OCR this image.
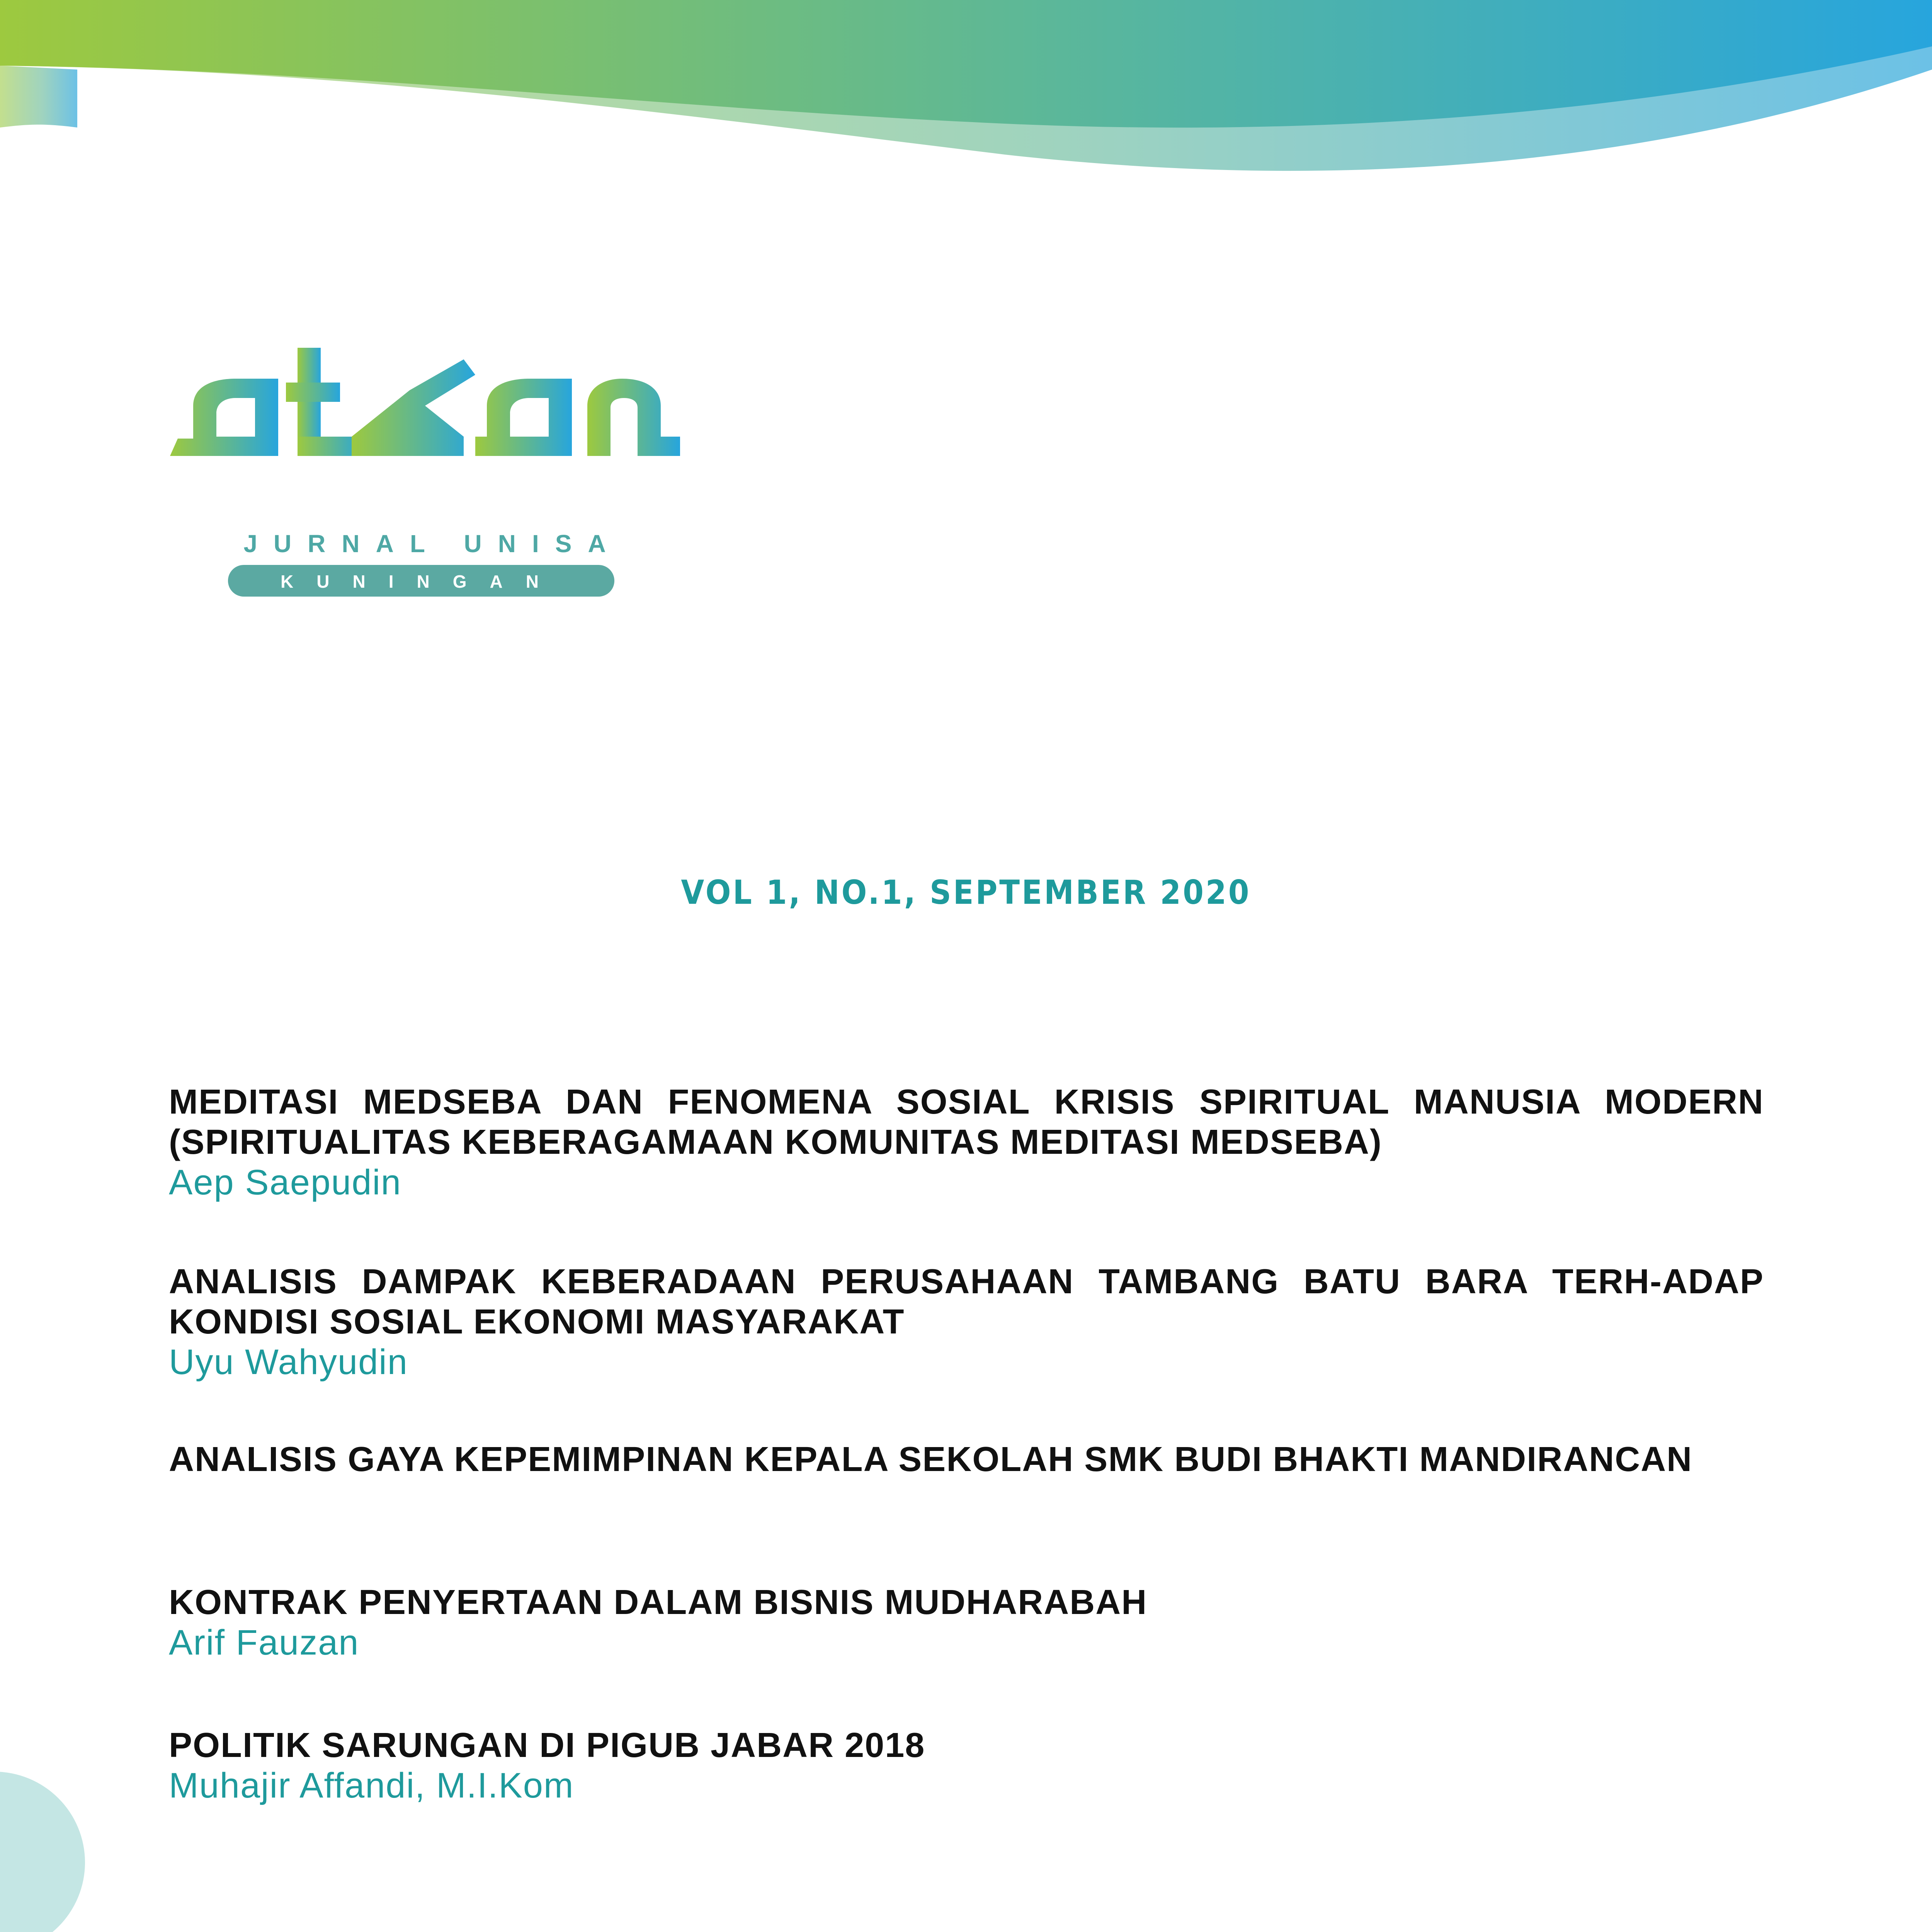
JURNAL UNISA
KUNINGAN
VOL 1, NO.1, SEPTEMBER 2020

MEDITASI MEDSEBA DAN FENOMENA SOSIAL KRISIS SPIRITUAL MANUSIA MODERN (SPIRITUALITAS KEBERAGAMAAN KOMUNITAS MEDITASI MEDSEBA)

Aep Saepudin

ANALISIS DAMPAK KEBERADAAN PERUSAHAAN TAMBANG BATU BARA TERH-ADAP KONDISI SOSIAL EKONOMI MASYARAKAT

Uyu Wahyudin

ANALISIS GAYA KEPEMIMPINAN KEPALA SEKOLAH SMK BUDI BHAKTI MANDIRANCAN

KONTRAK PENYERTAAN DALAM BISNIS MUDHARABAH

Arif Fauzan

POLITIK SARUNGAN DI PIGUB JABAR 2018

Muhajir Affandi, M.I.Kom
